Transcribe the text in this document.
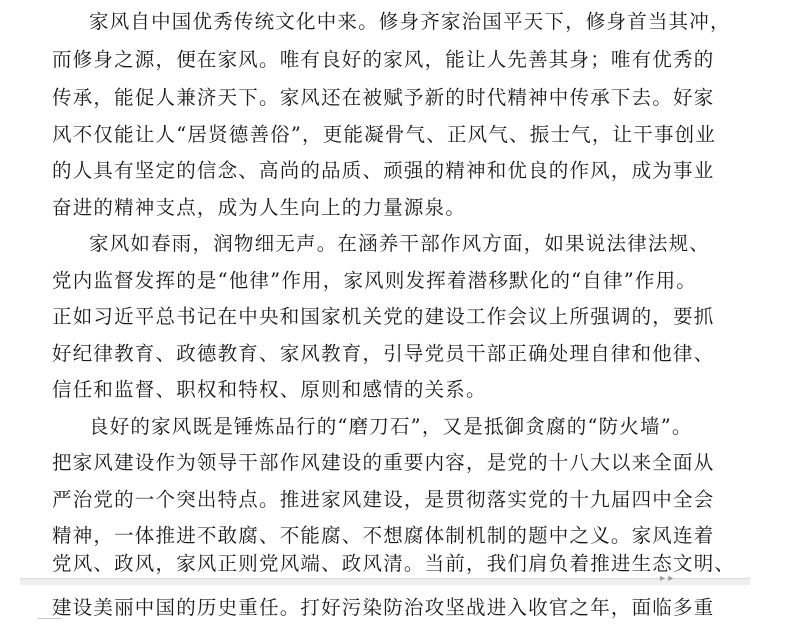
家风自中国优秀传统文化中来。修身齐家治国平天下，修身首当其冲，
而修身之源，便在家风。唯有良好的家风，能让人先善其身；唯有优秀的
传承，能促人兼济天下。家风还在被赋予新的时代精神中传承下去。好家
风不仅能让人“居贤德善俗”，更能凝骨气、正风气、振士气，让干事创业
的人具有坚定的信念、高尚的品质、顽强的精神和优良的作风，成为事业
奋进的精神支点，成为人生向上的力量源泉。
家风如春雨，润物细无声。在涵养干部作风方面，如果说法律法规、
党内监督发挥的是“他律”作用，家风则发挥着潜移默化的“自律”作用。
正如习近平总书记在中央和国家机关党的建设工作会议上所强调的，要抓
好纪律教育、政德教育、家风教育，引导党员干部正确处理自律和他律、
信任和监督、职权和特权、原则和感情的关系。
良好的家风既是锤炼品行的“磨刀石”，又是抵御贪腐的“防火墙”。
把家风建设作为领导干部作风建设的重要内容，是党的十八大以来全面从
严治党的一个突出特点。推进家风建设，是贯彻落实党的十九届四中全会
精神，一体推进不敢腐、不能腐、不想腐体制机制的题中之义。家风连着
党风、政风，家风正则党风端、政风清。当前，我们肩负着推进生态文明、
▸ ▸
建设美丽中国的历史重任。打好污染防治攻坚战进入收官之年，面临多重
